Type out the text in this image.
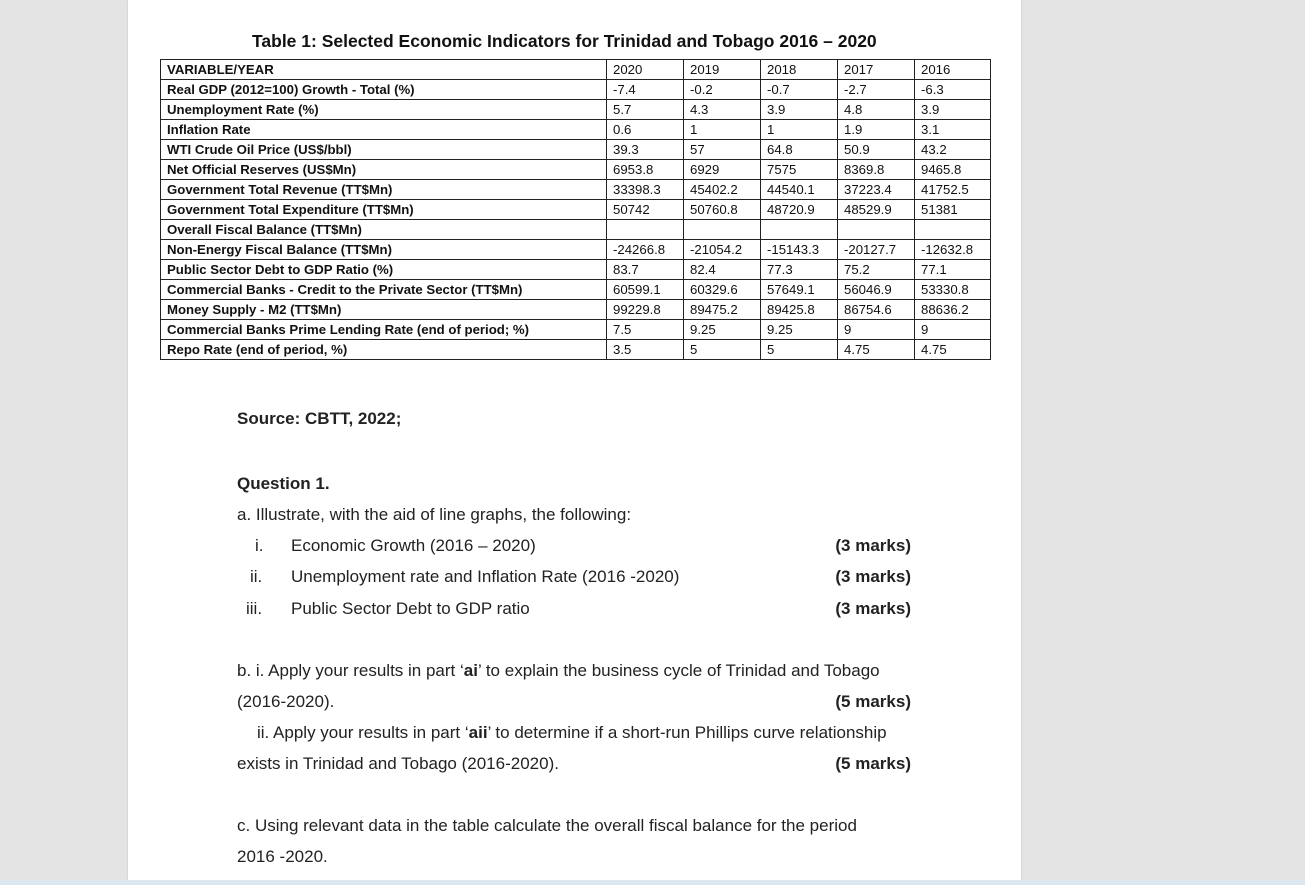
Table 1: Selected Economic Indicators for Trinidad and Tobago 2016 – 2020
VARIABLE/YEAR	2020	2019	2018	2017	2016
Real GDP (2012=100) Growth - Total (%)	-7.4	-0.2	-0.7	-2.7	-6.3
Unemployment Rate (%)	5.7	4.3	3.9	4.8	3.9
Inflation Rate	0.6	1	1	1.9	3.1
WTI Crude Oil Price (US$/bbl)	39.3	57	64.8	50.9	43.2
Net Official Reserves (US$Mn)	6953.8	6929	7575	8369.8	9465.8
Government Total Revenue (TT$Mn)	33398.3	45402.2	44540.1	37223.4	41752.5
Government Total Expenditure (TT$Mn)	50742	50760.8	48720.9	48529.9	51381
Overall Fiscal Balance (TT$Mn)					
Non-Energy Fiscal Balance (TT$Mn)	-24266.8	-21054.2	-15143.3	-20127.7	-12632.8
Public Sector Debt to GDP Ratio (%)	83.7	82.4	77.3	75.2	77.1
Commercial Banks - Credit to the Private Sector (TT$Mn)	60599.1	60329.6	57649.1	56046.9	53330.8
Money Supply - M2 (TT$Mn)	99229.8	89475.2	89425.8	86754.6	88636.2
Commercial Banks Prime Lending Rate (end of period; %)	7.5	9.25	9.25	9	9
Repo Rate (end of period, %)	3.5	5	5	4.75	4.75
Source: CBTT, 2022;
Question 1.
a. Illustrate, with the aid of line graphs, the following:
i. Economic Growth (2016 – 2020)	(3 marks)
ii. Unemployment rate and Inflation Rate (2016 -2020)	(3 marks)
iii. Public Sector Debt to GDP ratio	(3 marks)
b. i. Apply your results in part ‘ai’ to explain the business cycle of Trinidad and Tobago
(2016-2020).	(5 marks)
ii. Apply your results in part ‘aii’ to determine if a short-run Phillips curve relationship
exists in Trinidad and Tobago (2016-2020).	(5 marks)
c. Using relevant data in the table calculate the overall fiscal balance for the period
2016 -2020.
